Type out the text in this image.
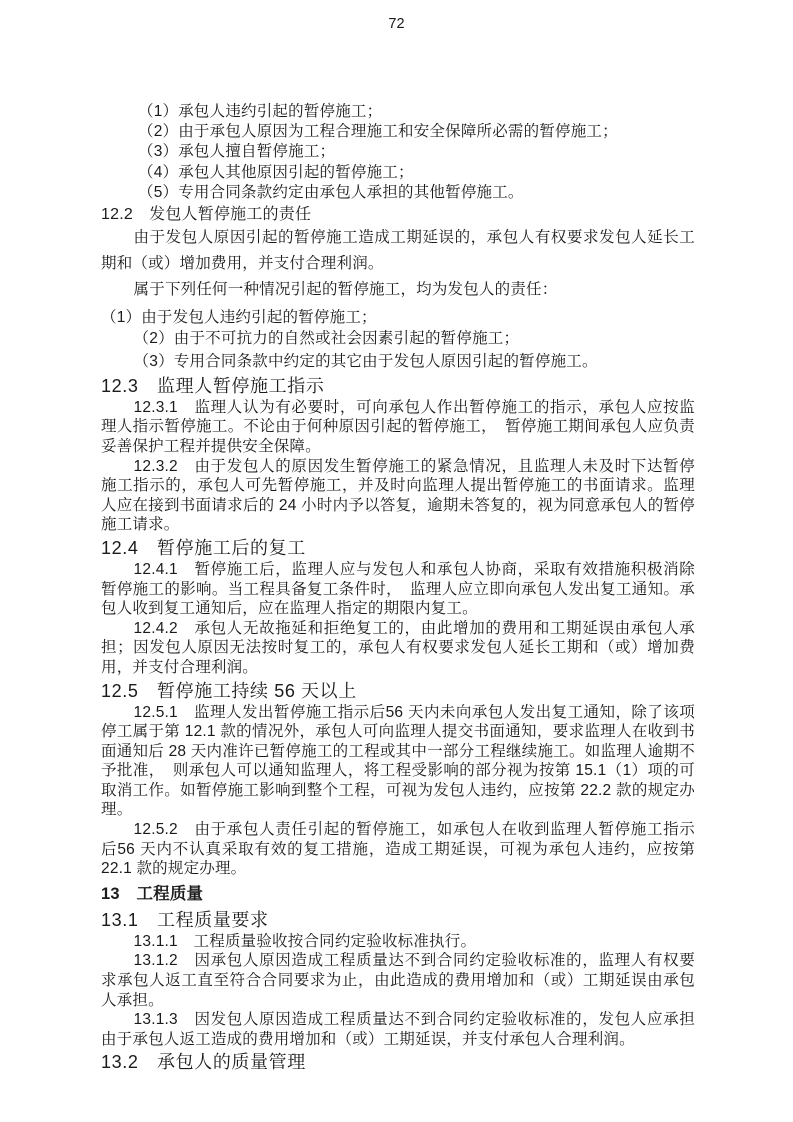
（1）承包人违约引起的暂停施工；

（2）由于承包人原因为工程合理施工和安全保障所必需的暂停施工；

（3）承包人擅自暂停施工；

（4）承包人其他原因引起的暂停施工；

（5）专用合同条款约定由承包人承担的其他暂停施工。

12.2　发包人暂停施工的责任

由于发包人原因引起的暂停施工造成工期延误的，承包人有权要求发包人延长工期和（或）增加费用，并支付合理利润。

属于下列任何一种情况引起的暂停施工，均为发包人的责任：

（1）由于发包人违约引起的暂停施工；

（2）由于不可抗力的自然或社会因素引起的暂停施工；

（3）专用合同条款中约定的其它由于发包人原因引起的暂停施工。

12.3　监理人暂停施工指示

12.3.1　监理人认为有必要时，可向承包人作出暂停施工的指示，承包人应按监理人指示暂停施工。不论由于何种原因引起的暂停施工，　暂停施工期间承包人应负责妥善保护工程并提供安全保障。

12.3.2　由于发包人的原因发生暂停施工的紧急情况，且监理人未及时下达暂停施工指示的，承包人可先暂停施工，并及时向监理人提出暂停施工的书面请求。监理人应在接到书面请求后的 24 小时内予以答复，逾期未答复的，视为同意承包人的暂停施工请求。

12.4　暂停施工后的复工

12.4.1　暂停施工后，监理人应与发包人和承包人协商，采取有效措施积极消除暂停施工的影响。当工程具备复工条件时，　监理人应立即向承包人发出复工通知。承包人收到复工通知后，应在监理人指定的期限内复工。

12.4.2　承包人无故拖延和拒绝复工的，由此增加的费用和工期延误由承包人承担；因发包人原因无法按时复工的，承包人有权要求发包人延长工期和（或）增加费用，并支付合理利润。

12.5　暂停施工持续 56 天以上

12.5.1　监理人发出暂停施工指示后56 天内未向承包人发出复工通知，除了该项停工属于第 12.1 款的情况外，承包人可向监理人提交书面通知，要求监理人在收到书面通知后 28 天内准许已暂停施工的工程或其中一部分工程继续施工。如监理人逾期不予批准，　则承包人可以通知监理人，将工程受影响的部分视为按第 15.1（1）项的可取消工作。如暂停施工影响到整个工程，可视为发包人违约，应按第 22.2 款的规定办理。

12.5.2　由于承包人责任引起的暂停施工，如承包人在收到监理人暂停施工指示后56 天内不认真采取有效的复工措施，造成工期延误，可视为承包人违约，应按第 22.1 款的规定办理。

13　工程质量

13.1　工程质量要求

13.1.1　工程质量验收按合同约定验收标准执行。

13.1.2　因承包人原因造成工程质量达不到合同约定验收标准的，监理人有权要求承包人返工直至符合合同要求为止，由此造成的费用增加和（或）工期延误由承包人承担。

13.1.3　因发包人原因造成工程质量达不到合同约定验收标准的，发包人应承担由于承包人返工造成的费用增加和（或）工期延误，并支付承包人合理利润。

13.2　承包人的质量管理

72
